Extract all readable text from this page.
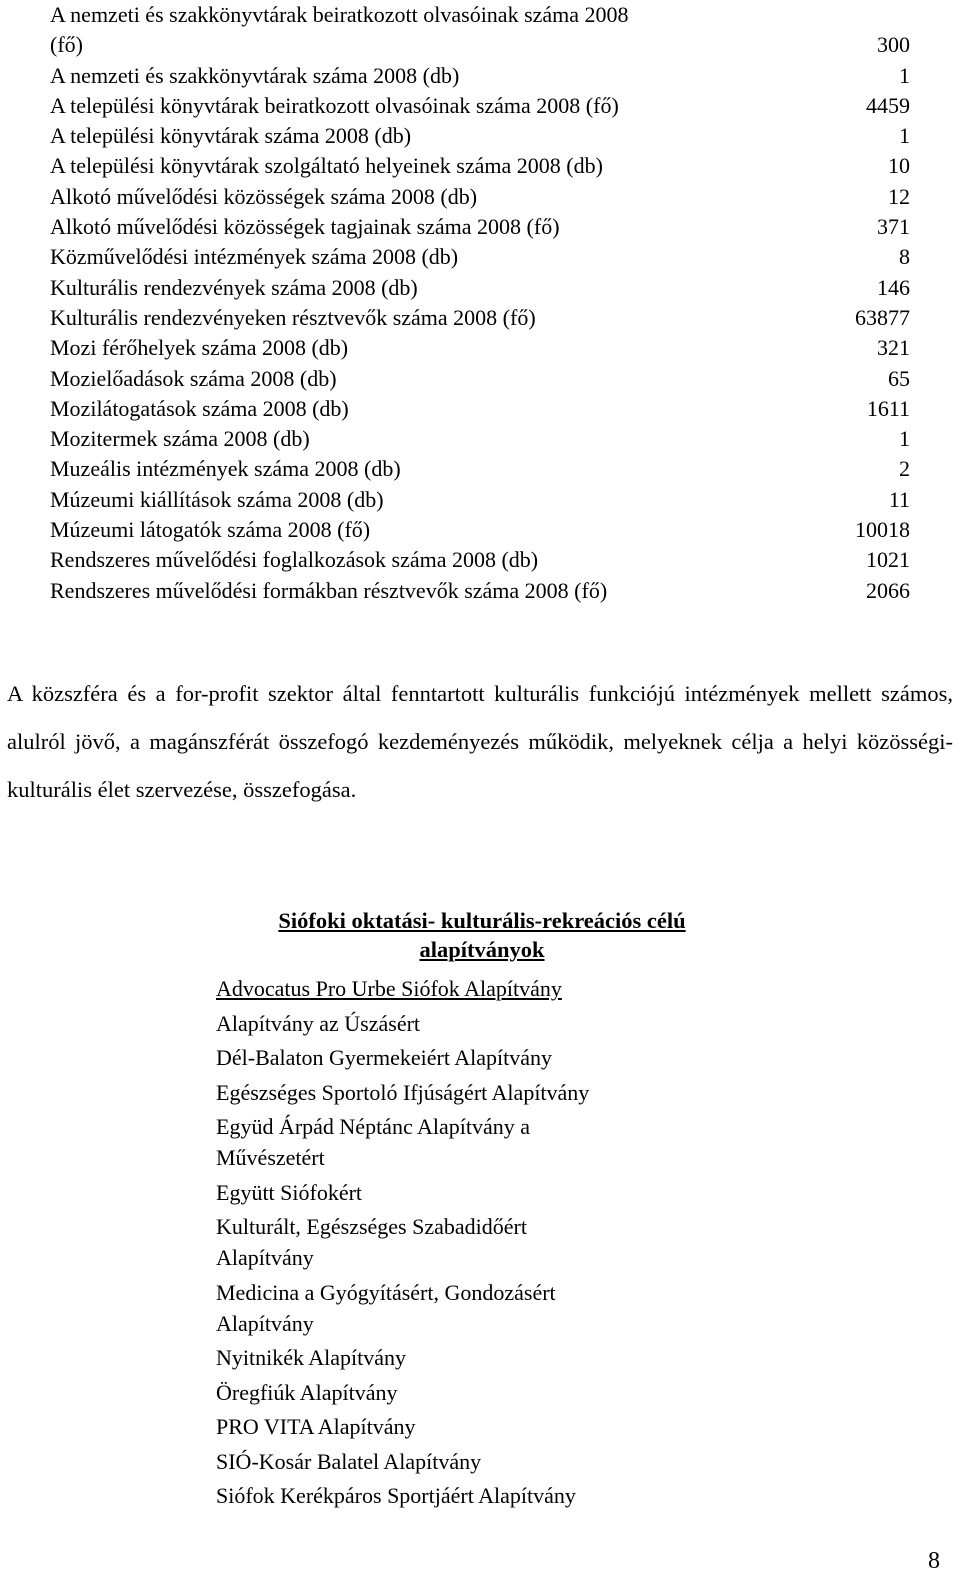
A nemzeti és szakkönyvtárak beiratkozott olvasóinak száma 2008
(fő)	300
A nemzeti és szakkönyvtárak száma 2008 (db)	1
A települési könyvtárak beiratkozott olvasóinak száma 2008 (fő)	4459
A települési könyvtárak száma 2008 (db)	1
A települési könyvtárak szolgáltató helyeinek száma 2008 (db)	10
Alkotó művelődési közösségek száma 2008 (db)	12
Alkotó művelődési közösségek tagjainak száma 2008 (fő)	371
Közművelődési intézmények száma 2008 (db)	8
Kulturális rendezvények száma 2008 (db)	146
Kulturális rendezvényeken résztvevők száma 2008 (fő)	63877
Mozi férőhelyek száma 2008 (db)	321
Mozielőadások száma 2008 (db)	65
Mozilátogatások száma 2008 (db)	1611
Mozitermek száma 2008 (db)	1
Muzeális intézmények száma 2008 (db)	2
Múzeumi kiállítások száma 2008 (db)	11
Múzeumi látogatók száma 2008 (fő)	10018
Rendszeres művelődési foglalkozások száma 2008 (db)	1021
Rendszeres művelődési formákban résztvevők száma 2008 (fő)	2066

A közszféra és a for-profit szektor által fenntartott kulturális funkciójú intézmények mellett számos, alulról jövő, a magánszférát összefogó kezdeményezés működik, melyeknek célja a helyi közösségi-kulturális élet szervezése, összefogása.

Siófoki oktatási- kulturális-rekreációs célú
alapítványok

Advocatus Pro Urbe Siófok Alapítvány

Alapítvány az Úszásért

Dél-Balaton Gyermekeiért Alapítvány

Egészséges Sportoló Ifjúságért Alapítvány

Együd Árpád Néptánc Alapítvány a
Művészetért

Együtt Siófokért

Kulturált, Egészséges Szabadidőért
Alapítvány

Medicina a Gyógyításért, Gondozásért
Alapítvány

Nyitnikék Alapítvány

Öregfiúk Alapítvány

PRO VITA Alapítvány

SIÓ-Kosár Balatel Alapítvány

Siófok Kerékpáros Sportjáért Alapítvány

8
